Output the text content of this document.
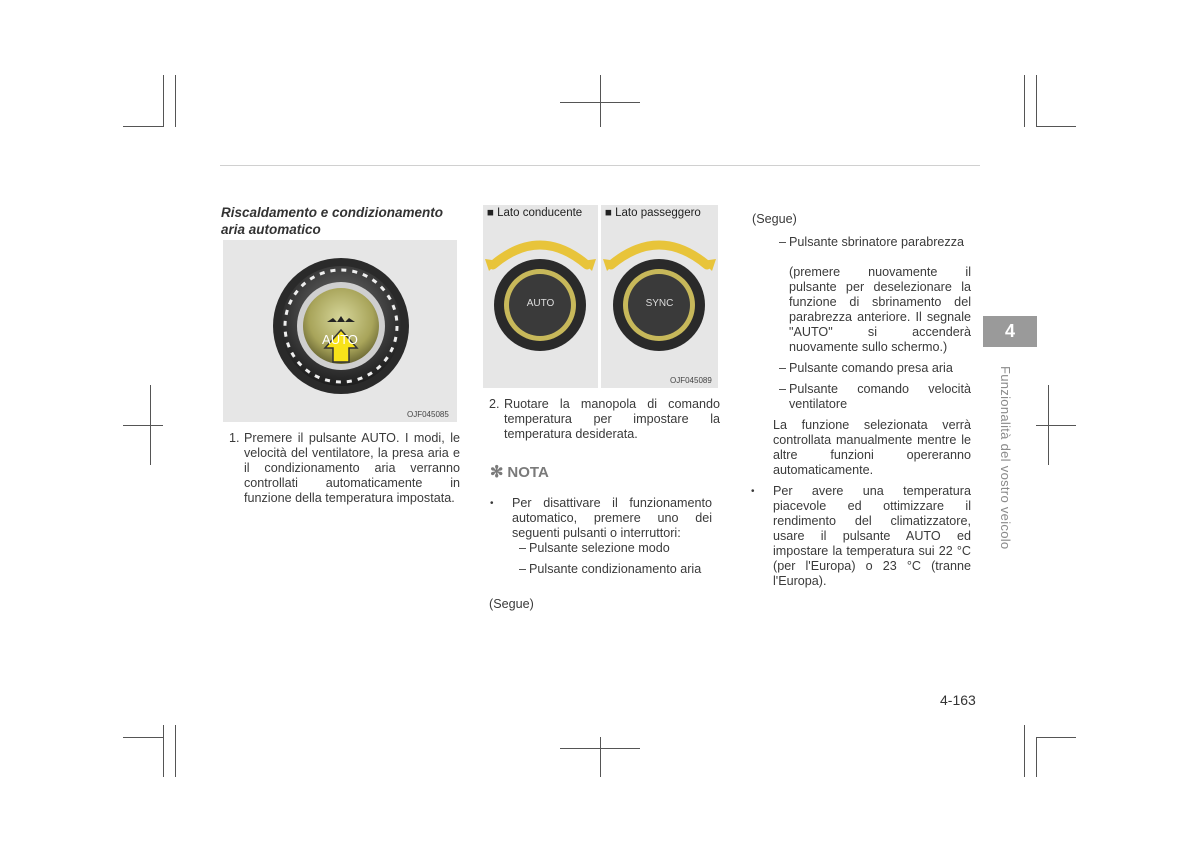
Riscaldamento e condizionamento aria automatico
AUTO
OJF045085
1. Premere il pulsante AUTO. I modi, le velocità del ventilatore, la presa aria e il condizionamento aria verranno controllati automaticamente in funzione della temperatura impostata.
■ Lato conducente
AUTO
■ Lato passeggero
SYNC
OJF045089
2. Ruotare la manopola di comando temperatura per impostare la temperatura desiderata.
✻ NOTA
• Per disattivare il funzionamento automatico, premere uno dei seguenti pulsanti o interruttori:
– Pulsante selezione modo
– Pulsante condizionamento aria
(Segue)
(Segue)
– Pulsante sbrinatore parabrezza
(premere nuovamente il pulsante per deselezionare la funzione di sbrinamento del parabrezza anteriore. Il segnale "AUTO" si accenderà nuovamente sullo schermo.)
– Pulsante comando presa aria
– Pulsante comando velocità ventilatore
La funzione selezionata verrà controllata manualmente mentre le altre funzioni opereranno automaticamente.
• Per avere una temperatura piacevole ed ottimizzare il rendimento del climatizzatore, usare il pulsante AUTO ed impostare la temperatura sui 22 °C (per l'Europa) o 23 °C (tranne l'Europa).
4
Funzionalità del vostro veicolo
4-163
